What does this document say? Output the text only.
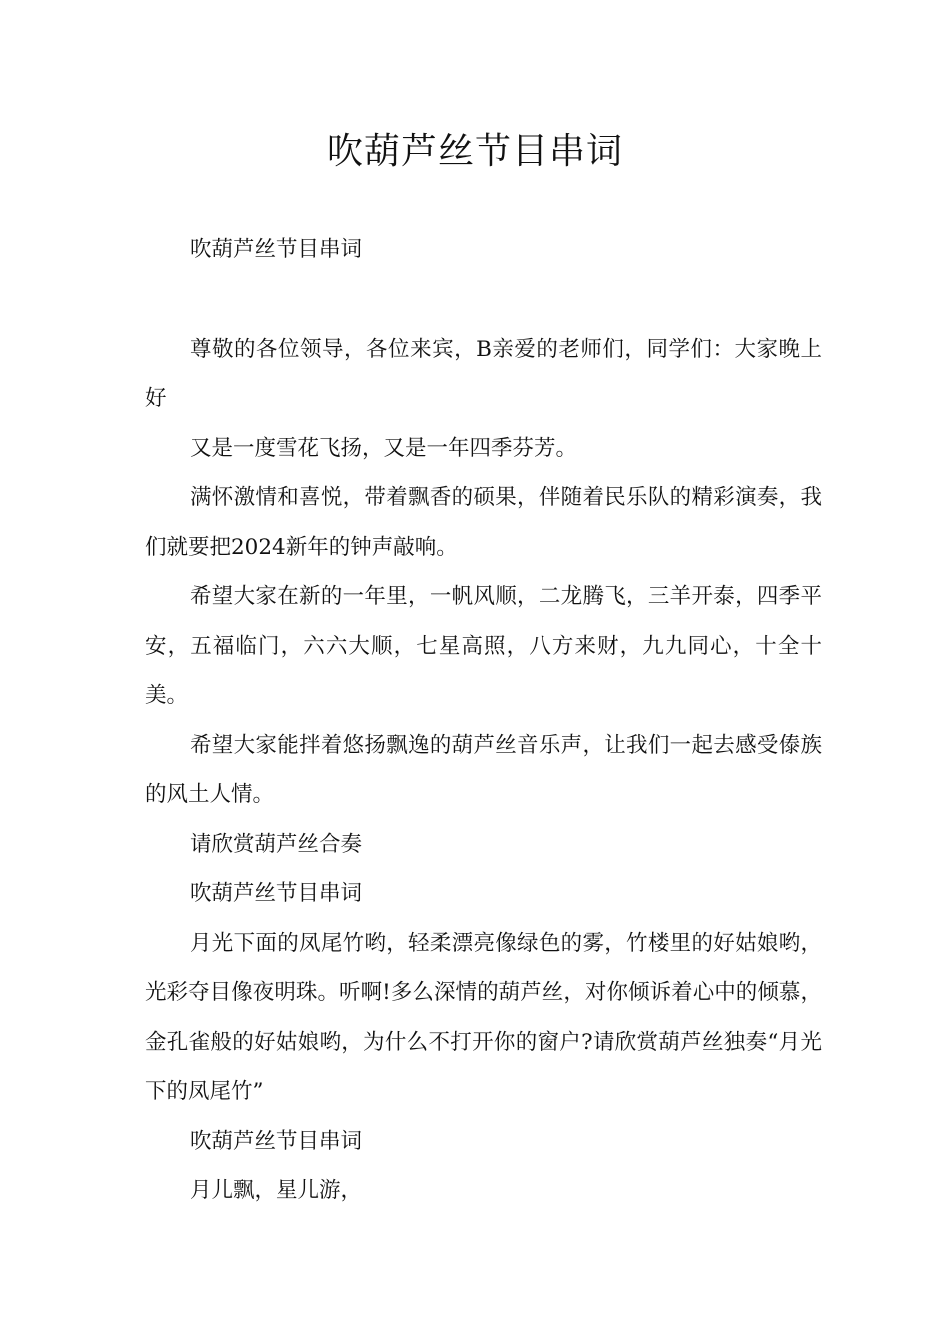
吹葫芦丝节目串词

吹葫芦丝节目串词

尊敬的各位领导，各位来宾，B亲爱的老师们，同学们：大家晚上好

又是一度雪花飞扬，又是一年四季芬芳。

满怀激情和喜悦，带着飘香的硕果，伴随着民乐队的精彩演奏，我们就要把2024新年的钟声敲响。

希望大家在新的一年里，一帆风顺，二龙腾飞，三羊开泰，四季平安，五福临门，六六大顺，七星高照，八方来财，九九同心，十全十美。

希望大家能拌着悠扬飘逸的葫芦丝音乐声，让我们一起去感受傣族的风土人情。

请欣赏葫芦丝合奏

吹葫芦丝节目串词

月光下面的凤尾竹哟，轻柔漂亮像绿色的雾，竹楼里的好姑娘哟，光彩夺目像夜明珠。听啊!多么深情的葫芦丝，对你倾诉着心中的倾慕，金孔雀般的好姑娘哟，为什么不打开你的窗户?请欣赏葫芦丝独奏“月光下的凤尾竹”

吹葫芦丝节目串词

月儿飘，星儿游，
